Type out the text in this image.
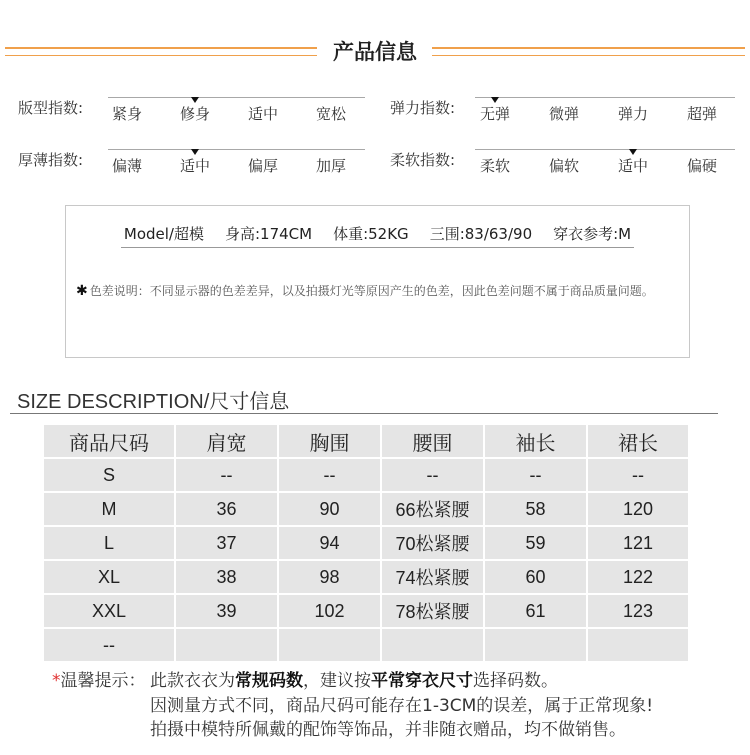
产品信息
版型指数: 紧身	修身	适中	宽松	弹力指数: 无弹	微弹	弹力	超弹
厚薄指数: 偏薄	适中	偏厚	加厚	柔软指数: 柔软	偏软	适中	偏硬
Model/超模 身高:174CM 体重:52KG 三围:83/63/90 穿衣参考:M
✱ 色差说明：不同显示器的色差差异，以及拍摄灯光等原因产生的色差，因此色差问题不属于商品质量问题。
SIZE DESCRIPTION/尺寸信息
商品尺码	肩宽	胸围	腰围	袖长	裙长
S	--	--	--	--	--
M	36	90	66松紧腰	58	120
L	37	94	70松紧腰	59	121
XL	38	98	74松紧腰	60	122
XXL	39	102	78松紧腰	61	123
--
*温馨提示： 此款衣衣为常规码数，建议按平常穿衣尺寸选择码数。
因测量方式不同，商品尺码可能存在1-3CM的误差，属于正常现象!
拍摄中模特所佩戴的配饰等饰品，并非随衣赠品，均不做销售。
